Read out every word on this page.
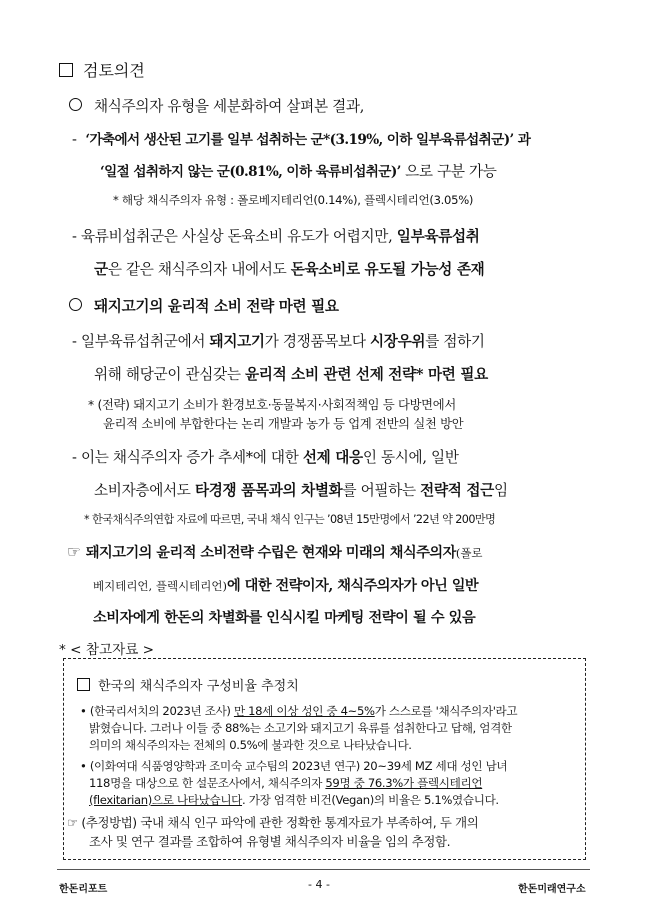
검토의견
채식주의자 유형을 세분화하여 살펴본 결과,
-  ‘가축에서 생산된 고기를 일부 섭취하는 군*(3.19%, 이하 일부육류섭취군)’ 과
‘일절 섭취하지 않는 군(0.81%, 이하 육류비섭취군)’ 으로 구분 가능
* 해당 채식주의자 유형 : 폴로베지테리언(0.14%), 플렉시테리언(3.05%)
- 육류비섭취군은 사실상 돈육소비 유도가 어렵지만, 일부육류섭취
군은 같은 채식주의자 내에서도 돈육소비로 유도될 가능성 존재
돼지고기의 윤리적 소비 전략 마련 필요
- 일부육류섭취군에서 돼지고기가 경쟁품목보다 시장우위를 점하기
위해 해당군이 관심갖는 윤리적 소비 관련 선제 전략* 마련 필요
* (전략) 돼지고기 소비가 환경보호·동물복지·사회적책임 등 다방면에서
윤리적 소비에 부합한다는 논리 개발과 농가 등 업계 전반의 실천 방안
- 이는 채식주의자 증가 추세*에 대한 선제 대응인 동시에, 일반
소비자층에서도 타경쟁 품목과의 차별화를 어필하는 전략적 접근임
* 한국채식주의연합 자료에 따르면, 국내 채식 인구는 ’08년 15만명에서 ’22년 약 200만명
☞ 돼지고기의 윤리적 소비전략 수립은 현재와 미래의 채식주의자(폴로
베지테리언, 플렉시테리언)에 대한 전략이자, 채식주의자가 아닌 일반
소비자에게 한돈의 차별화를 인식시킬 마케팅 전략이 될 수 있음
* < 참고자료 >
한국의 채식주의자 구성비율 추정치
• (한국리서치의 2023년 조사) 만 18세 이상 성인 중 4~5%가 스스로를 '채식주의자'라고
밝혔습니다. 그러나 이들 중 88%는 소고기와 돼지고기 육류를 섭취한다고 답해, 엄격한
의미의 채식주의자는 전체의 0.5%에 불과한 것으로 나타났습니다.
• (이화여대 식품영양학과 조미숙 교수팀의 2023년 연구) 20~39세 MZ 세대 성인 남녀
118명을 대상으로 한 설문조사에서, 채식주의자 59명 중 76.3%가 플렉시테리언
(flexitarian)으로 나타났습니다. 가장 엄격한 비건(Vegan)의 비율은 5.1%였습니다.
☞ (추정방법) 국내 채식 인구 파악에 관한 정확한 통계자료가 부족하여, 두 개의
조사 및 연구 결과를 조합하여 유형별 채식주의자 비율을 임의 추정함.
한돈리포트	- 4 -	한돈미래연구소
